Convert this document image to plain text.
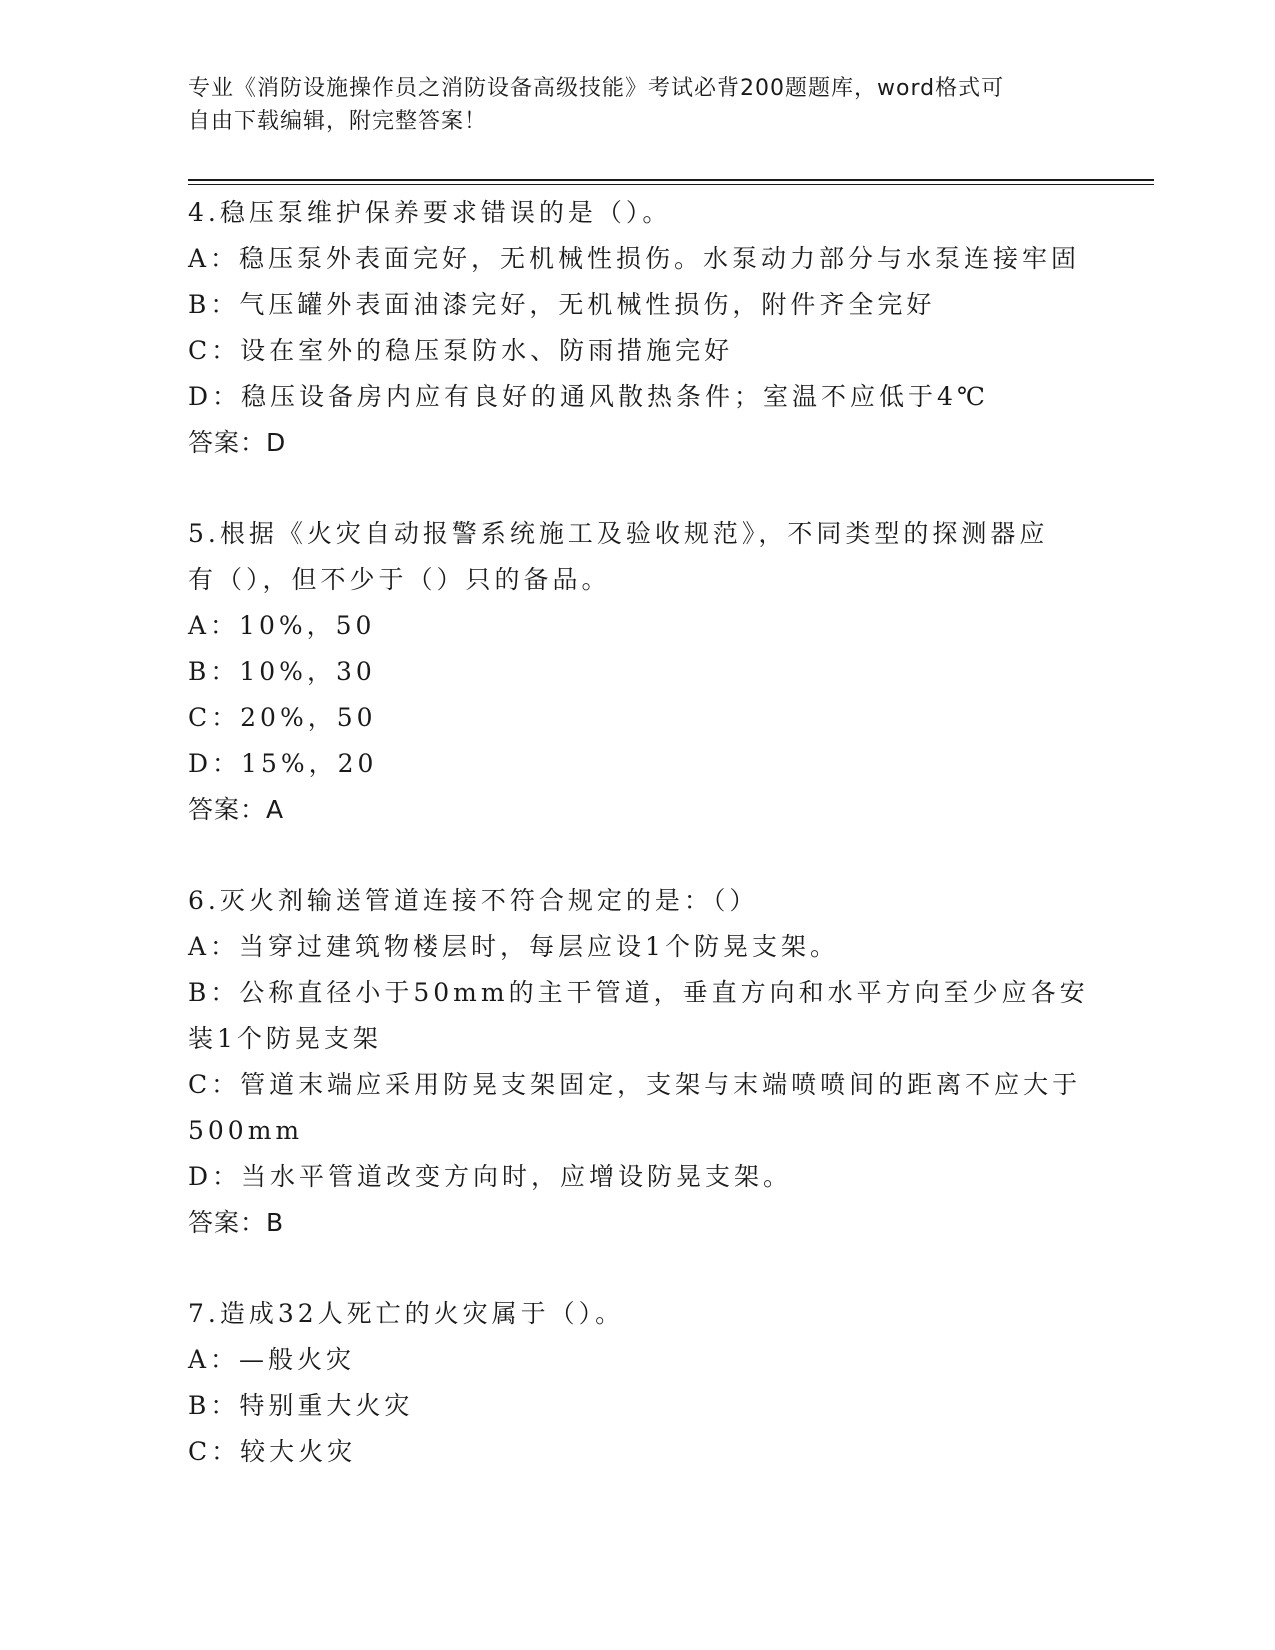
专业《消防设施操作员之消防设备高级技能》考试必背200题题库，word格式可
自由下载编辑，附完整答案！
4.稳压泵维护保养要求错误的是（）。
A：稳压泵外表面完好，无机械性损伤。水泵动力部分与水泵连接牢固
B：气压罐外表面油漆完好，无机械性损伤，附件齐全完好
C：设在室外的稳压泵防水、防雨措施完好
D：稳压设备房内应有良好的通风散热条件；室温不应低于4℃
答案：D
5.根据《火灾自动报警系统施工及验收规范》，不同类型的探测器应
有（），但不少于（）只的备品。
A：10%，50
B：10%，30
C：20%，50
D：15%，20
答案：A
6.灭火剂输送管道连接不符合规定的是：（）
A：当穿过建筑物楼层时，每层应设1个防晃支架。
B：公称直径小于50mm的主干管道，垂直方向和水平方向至少应各安
装1个防晃支架
C：管道末端应采用防晃支架固定，支架与末端喷喷间的距离不应大于
500mm
D：当水平管道改变方向时，应增设防晃支架。
答案：B
7.造成32人死亡的火灾属于（）。
A：—般火灾
B：特别重大火灾
C：较大火灾
